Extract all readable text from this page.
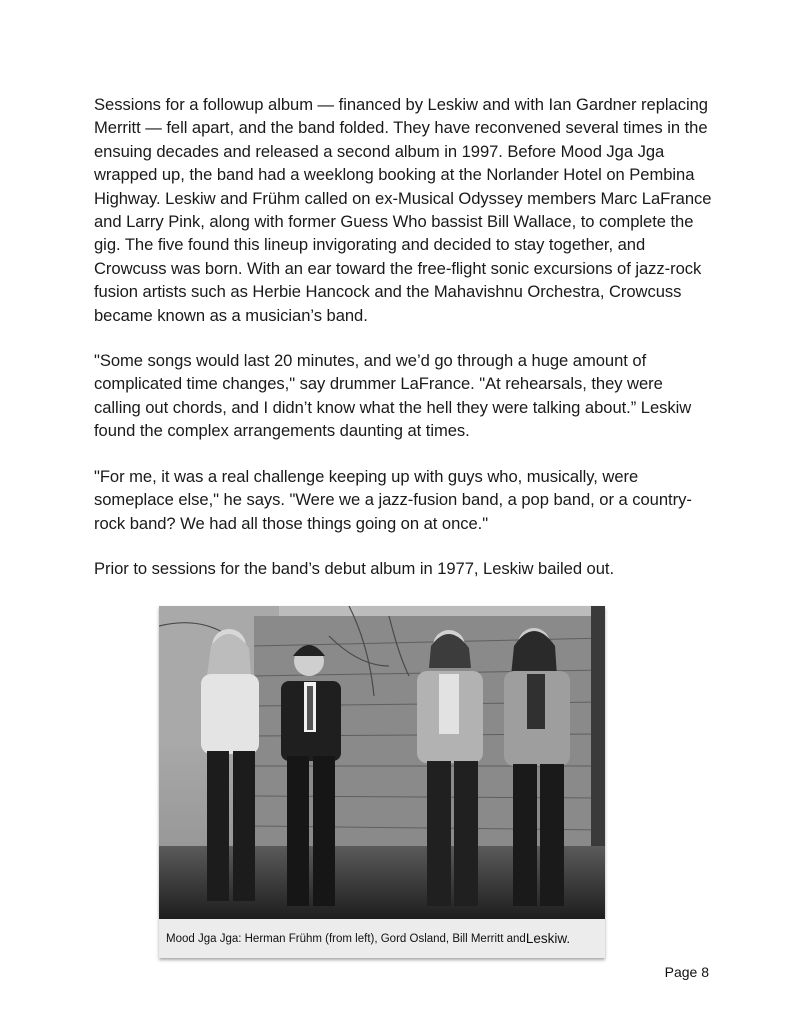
Sessions for a followup album — financed by Leskiw and with Ian Gardner replacing Merritt — fell apart, and the band folded. They have reconvened several times in the ensuing decades and released a second album in 1997. Before Mood Jga Jga wrapped up, the band had a weeklong booking at the Norlander Hotel on Pembina Highway. Leskiw and Frühm called on ex-Musical Odyssey members Marc LaFrance and Larry Pink, along with former Guess Who bassist Bill Wallace, to complete the gig. The five found this lineup invigorating and decided to stay together, and Crowcuss was born. With an ear toward the free-flight sonic excursions of jazz-rock fusion artists such as Herbie Hancock and the Mahavishnu Orchestra, Crowcuss became known as a musician’s band.

"Some songs would last 20 minutes, and we’d go through a huge amount of complicated time changes," say drummer LaFrance. "At rehearsals, they were calling out chords, and I didn’t know what the hell they were talking about.” Leskiw found the complex arrangements daunting at times.

"For me, it was a real challenge keeping up with guys who, musically, were someplace else," he says. "Were we a jazz-fusion band, a pop band, or a country-rock band? We had all those things going on at once."

Prior to sessions for the band’s debut album in 1977, Leskiw bailed out.

Mood Jga Jga: Herman Frühm (from left), Gord Osland, Bill Merritt and Leskiw.
Page 8
